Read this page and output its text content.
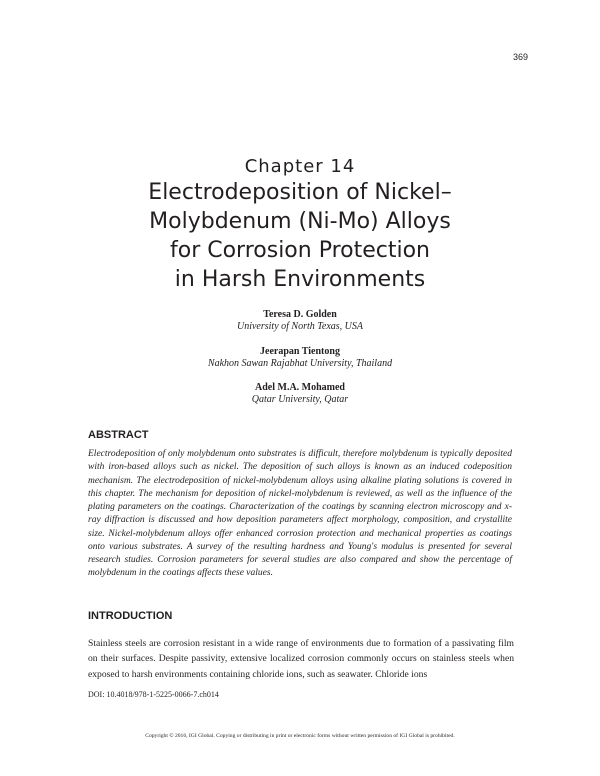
369
Chapter 14
Electrodeposition of Nickel–
Molybdenum (Ni-Mo) Alloys
for Corrosion Protection
in Harsh Environments
Teresa D. Golden
University of North Texas, USA
Jeerapan Tientong
Nakhon Sawan Rajabhat University, Thailand
Adel M.A. Mohamed
Qatar University, Qatar
ABSTRACT
Electrodeposition of only molybdenum onto substrates is difficult, therefore molybdenum is typically deposited with iron-based alloys such as nickel. The deposition of such alloys is known as an induced codeposition mechanism. The electrodeposition of nickel-molybdenum alloys using alkaline plating solutions is covered in this chapter. The mechanism for deposition of nickel-molybdenum is reviewed, as well as the influence of the plating parameters on the coatings. Characterization of the coatings by scanning electron microscopy and x-ray diffraction is discussed and how deposition parameters affect morphology, composition, and crystallite size. Nickel-molybdenum alloys offer enhanced corrosion protection and mechanical properties as coatings onto various substrates. A survey of the resulting hardness and Young's modulus is presented for several research studies. Corrosion parameters for several studies are also compared and show the percentage of molybdenum in the coatings affects these values.
INTRODUCTION
Stainless steels are corrosion resistant in a wide range of environments due to formation of a passivating film on their surfaces. Despite passivity, extensive localized corrosion commonly occurs on stainless steels when exposed to harsh environments containing chloride ions, such as seawater. Chloride ions
DOI: 10.4018/978-1-5225-0066-7.ch014
Copyright © 2016, IGI Global. Copying or distributing in print or electronic forms without written permission of IGI Global is prohibited.
